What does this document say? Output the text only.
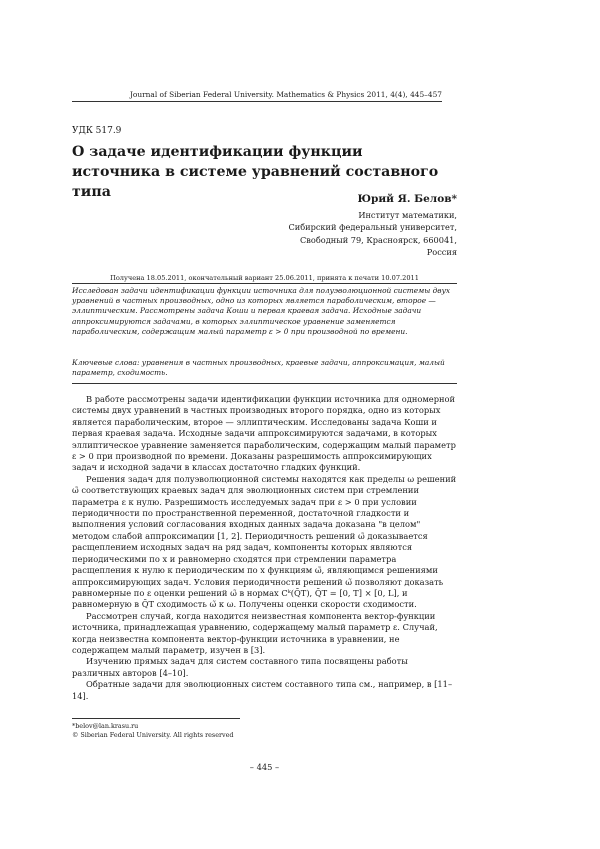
Journal of Siberian Federal University. Mathematics & Physics 2011, 4(4), 445–457
УДК 517.9
О задаче идентификации функции источника в системе уравнений составного типа	Юрий Я. Белов*
Институт математики,
Сибирский федеральный университет,
Свободный 79, Красноярск, 660041,
Россия
Получена 18.05.2011, окончательный вариант 25.06.2011, принята к печати 10.07.2011
Исследован задачи идентификации функции источника для полуэволюционной системы двух уравнений в частных производных, одно из которых является параболическим, второе — эллиптическим. Рассмотрены задача Коши и первая краевая задача. Исходные задачи аппроксимируются задачами, в которых эллиптическое уравнение заменяется параболическим, содержащим малый параметр ε > 0 при производной по времени.
Ключевые слова: уравнения в частных производных, краевые задачи, аппроксимация, малый параметр, сходимость.

В работе рассмотрены задачи идентификации функции источника для одномерной системы двух уравнений в частных производных второго порядка, одно из которых является параболическим, второе — эллиптическим. Исследованы задача Коши и первая краевая задача. Исходные задачи аппроксимируются задачами, в которых эллиптическое уравнение заменяется параболическим, содержащим малый параметр ε > 0 при производной по времени. Доказаны разрешимость аппроксимирующих задач и исходной задачи в классах достаточно гладких функций.

Решения задач для полуэволюционной системы находятся как пределы ω решений ω̃ соответствующих краевых задач для эволюционных систем при стремлении параметра ε к нулю. Разрешимость исследуемых задач при ε > 0 при условии периодичности по пространственной переменной, достаточной гладкости и выполнения условий согласования входных данных задача доказана "в целом" методом слабой аппроксимации [1, 2]. Периодичность решений ω̃ доказывается расщеплением исходных задач на ряд задач, компоненты которых являются периодическими по x и равномерно сходятся при стремлении параметра расщепления к нулю к периодическим по x функциям ω̃, являющимся решениями аппроксимирующих задач. Условия периодичности решений ω̃ позволяют доказать равномерные по ε оценки решений ω̃ в нормах Cᵏ(Q̄T), Q̄T = [0, T] × [0, L], и равномерную в Q̄T сходимость ω̃ к ω. Получены оценки скорости сходимости.

Рассмотрен случай, когда находится неизвестная компонента вектор-функции источника, принадлежащая уравнению, содержащему малый параметр ε. Случай, когда неизвестна компонента вектор-функции источника в уравнении, не содержащем малый параметр, изучен в [3].

Изучению прямых задач для систем составного типа посвящены работы различных авторов [4–10].

Обратные задачи для эволюционных систем составного типа см., например, в [11–14].

*belov@lan.krasu.ru
© Siberian Federal University. All rights reserved
– 445 –
